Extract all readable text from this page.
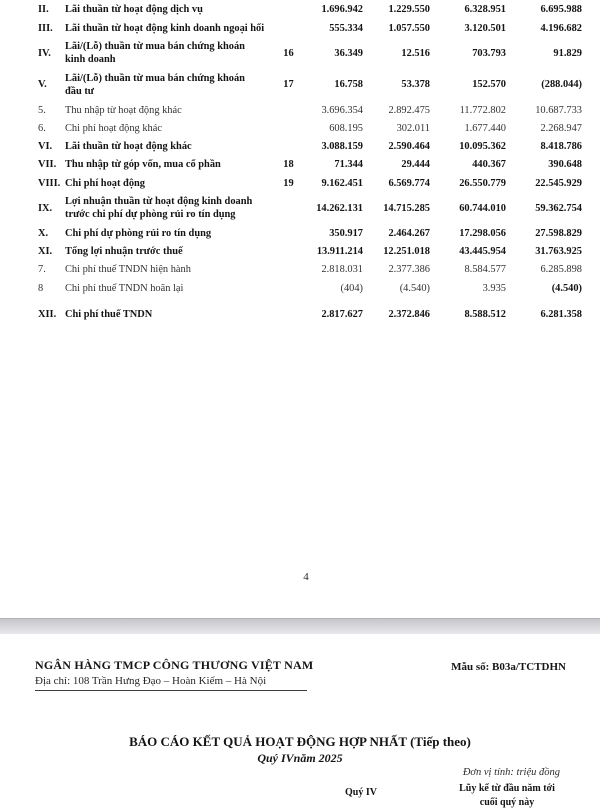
II.	Lãi thuần từ hoạt động dịch vụ	1.696.942	1.229.550	6.328.951	6.695.988
III.	Lãi thuần từ hoạt động kinh doanh ngoại hối	555.334	1.057.550	3.120.501	4.196.682
IV.
Lãi/(Lỗ) thuần từ mua bán chứng khoán
kinh doanh
16	36.349	12.516	703.793	91.829
V.
Lãi/(Lỗ) thuần từ mua bán chứng khoán
đầu tư
17	16.758	53.378	152.570	(288.044)
5.	Thu nhập từ hoạt động khác	3.696.354	2.892.475	11.772.802	10.687.733
6.	Chi phí hoạt động khác	608.195	302.011	1.677.440	2.268.947
VI.	Lãi thuần từ hoạt động khác	3.088.159	2.590.464	10.095.362	8.418.786
VII. Thu nhập từ góp vốn, mua cổ phần	18	71.344	29.444	440.367	390.648
VIII. Chi phí hoạt động	19	9.162.451	6.569.774	26.550.779	22.545.929
IX.
Lợi nhuận thuần từ hoạt động kinh doanh
trước chi phí dự phòng rủi ro tín dụng
14.262.131	14.715.285	60.744.010	59.362.754
X.	Chi phí dự phòng rủi ro tín dụng	350.917	2.464.267	17.298.056	27.598.829
XI.	Tổng lợi nhuận trước thuế	13.911.214	12.251.018	43.445.954	31.763.925
7.	Chi phí thuế TNDN hiện hành	2.818.031	2.377.386	8.584.577	6.285.898
8	Chi phí thuế TNDN hoãn lại	(404)	(4.540)	3.935	(4.540)
XII. Chi phí thuế TNDN	2.817.627	2.372.846	8.588.512	6.281.358
4
NGÂN HÀNG TMCP CÔNG THƯƠNG VIỆT NAM
Địa chỉ: 108 Trần Hưng Đạo – Hoàn Kiếm – Hà Nội
Mẫu số: B03a/TCTDHN
BÁO CÁO KẾT QUẢ HOẠT ĐỘNG HỢP NHẤT (Tiếp theo)
Quý IVnăm 2025
Đơn vị tính: triệu đồng
Quý IV	Lũy kế từ đầu năm tới
cuối quý này
